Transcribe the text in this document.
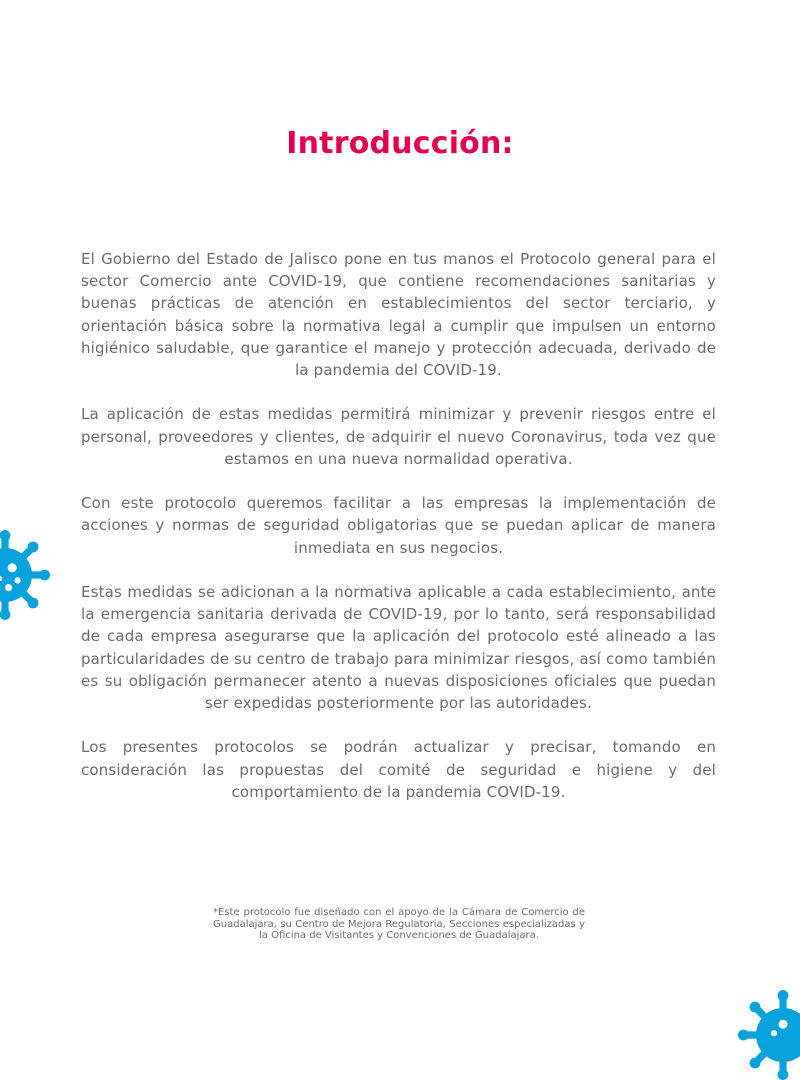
Introducción:

El Gobierno del Estado de Jalisco pone en tus manos el Protocolo general para el sector Comercio ante COVID-19, que contiene recomendaciones sanitarias y buenas prácticas de atención en establecimientos del sector terciario, y orientación básica sobre la normativa legal a cumplir que impulsen un entorno higiénico saludable, que garantice el manejo y protección adecuada, derivado de la pandemia del COVID-19.

La aplicación de estas medidas permitirá minimizar y prevenir riesgos entre el personal, proveedores y clientes, de adquirir el nuevo Coronavirus, toda vez que estamos en una nueva normalidad operativa.

Con este protocolo queremos facilitar a las empresas la implementación de acciones y normas de seguridad obligatorias que se puedan aplicar de manera inmediata en sus negocios.

Estas medidas se adicionan a la normativa aplicable a cada establecimiento, ante la emergencia sanitaria derivada de COVID-19, por lo tanto, será responsabilidad de cada empresa asegurarse que la aplicación del protocolo esté alineado a las particularidades de su centro de trabajo para minimizar riesgos, así como también es su obligación permanecer atento a nuevas disposiciones oficiales que puedan ser expedidas posteriormente por las autoridades.

Los presentes protocolos se podrán actualizar y precisar, tomando en consideración las propuestas del comité de seguridad e higiene y del comportamiento de la pandemia COVID-19.

*Este protocolo fue diseñado con el apoyo de la Cámara de Comercio de Guadalajara, su Centro de Mejora Regulatoria, Secciones especializadas y la Oficina de Visitantes y Convenciones de Guadalajara.
